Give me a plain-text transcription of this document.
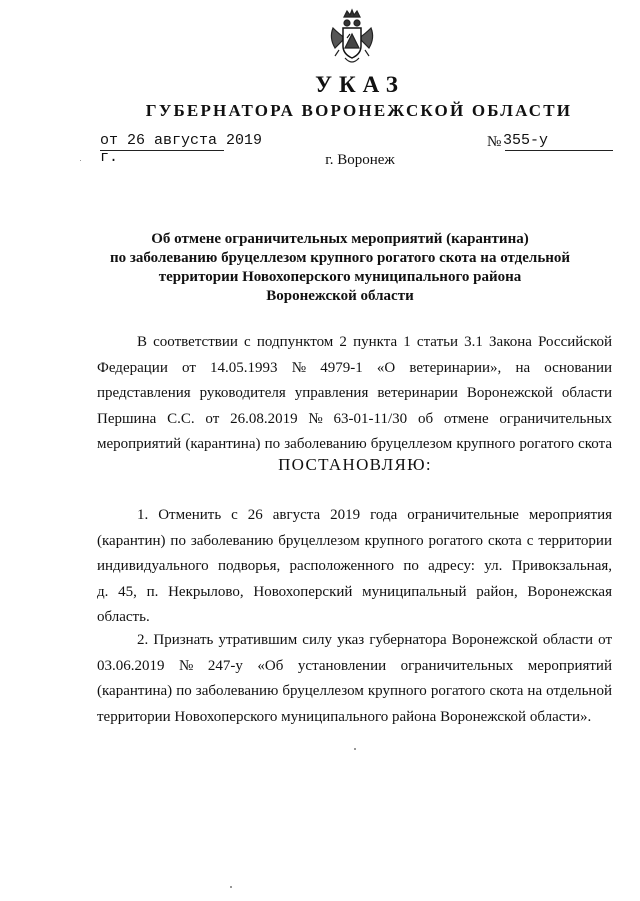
УКАЗ
ГУБЕРНАТОРА ВОРОНЕЖСКОЙ ОБЛАСТИ
от 26 августа 2019 г.
№ 355-у
г. Воронеж
Об отмене ограничительных мероприятий (карантина)
по заболеванию бруцеллезом крупного рогатого скота на отдельной
территории Новохоперского муниципального района
Воронежской области

В соответствии с подпунктом 2 пункта 1 статьи 3.1 Закона Российской
Федерации от 14.05.1993 № 4979-1 «О ветеринарии», на основании
представления руководителя управления ветеринарии Воронежской области
Першина С.С. от 26.08.2019 № 63-01-11/30 об отмене ограничительных
мероприятий (карантина) по заболеванию бруцеллезом крупного рогатого скота

ПОСТАНОВЛЯЮ:

1. Отменить с 26 августа 2019 года ограничительные мероприятия
(карантин) по заболеванию бруцеллезом крупного рогатого скота с территории
индивидуального подворья, расположенного по адресу: ул. Привокзальная,
д. 45, п. Некрылово, Новохоперский муниципальный район, Воронежская
область.

2. Признать утратившим силу указ губернатора Воронежской области от
03.06.2019 № 247-у «Об установлении ограничительных мероприятий
(карантина) по заболеванию бруцеллезом крупного рогатого скота на отдельной
территории Новохоперского муниципального района Воронежской области».
